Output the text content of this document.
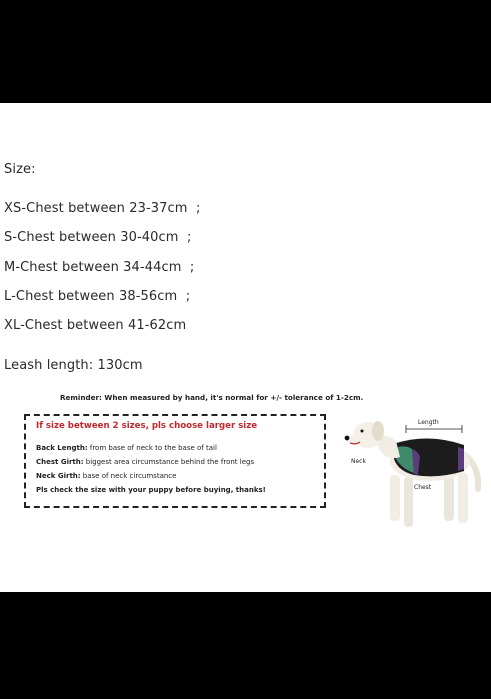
Size:
XS-Chest between 23-37cm  ;
S-Chest between 30-40cm  ;
M-Chest between 34-44cm  ;
L-Chest between 38-56cm  ;
XL-Chest between 41-62cm
Leash length: 130cm
Reminder: When measured by hand, it's normal for +/- tolerance of 1-2cm.
If size between 2 sizes, pls choose larger size
Back Length: from base of neck to the base of tail
Chest Girth: biggest area circumstance behind the front legs
Neck Girth: base of neck circumstance
Pls check the size with your puppy before buying, thanks!
Length
Neck
Chest
